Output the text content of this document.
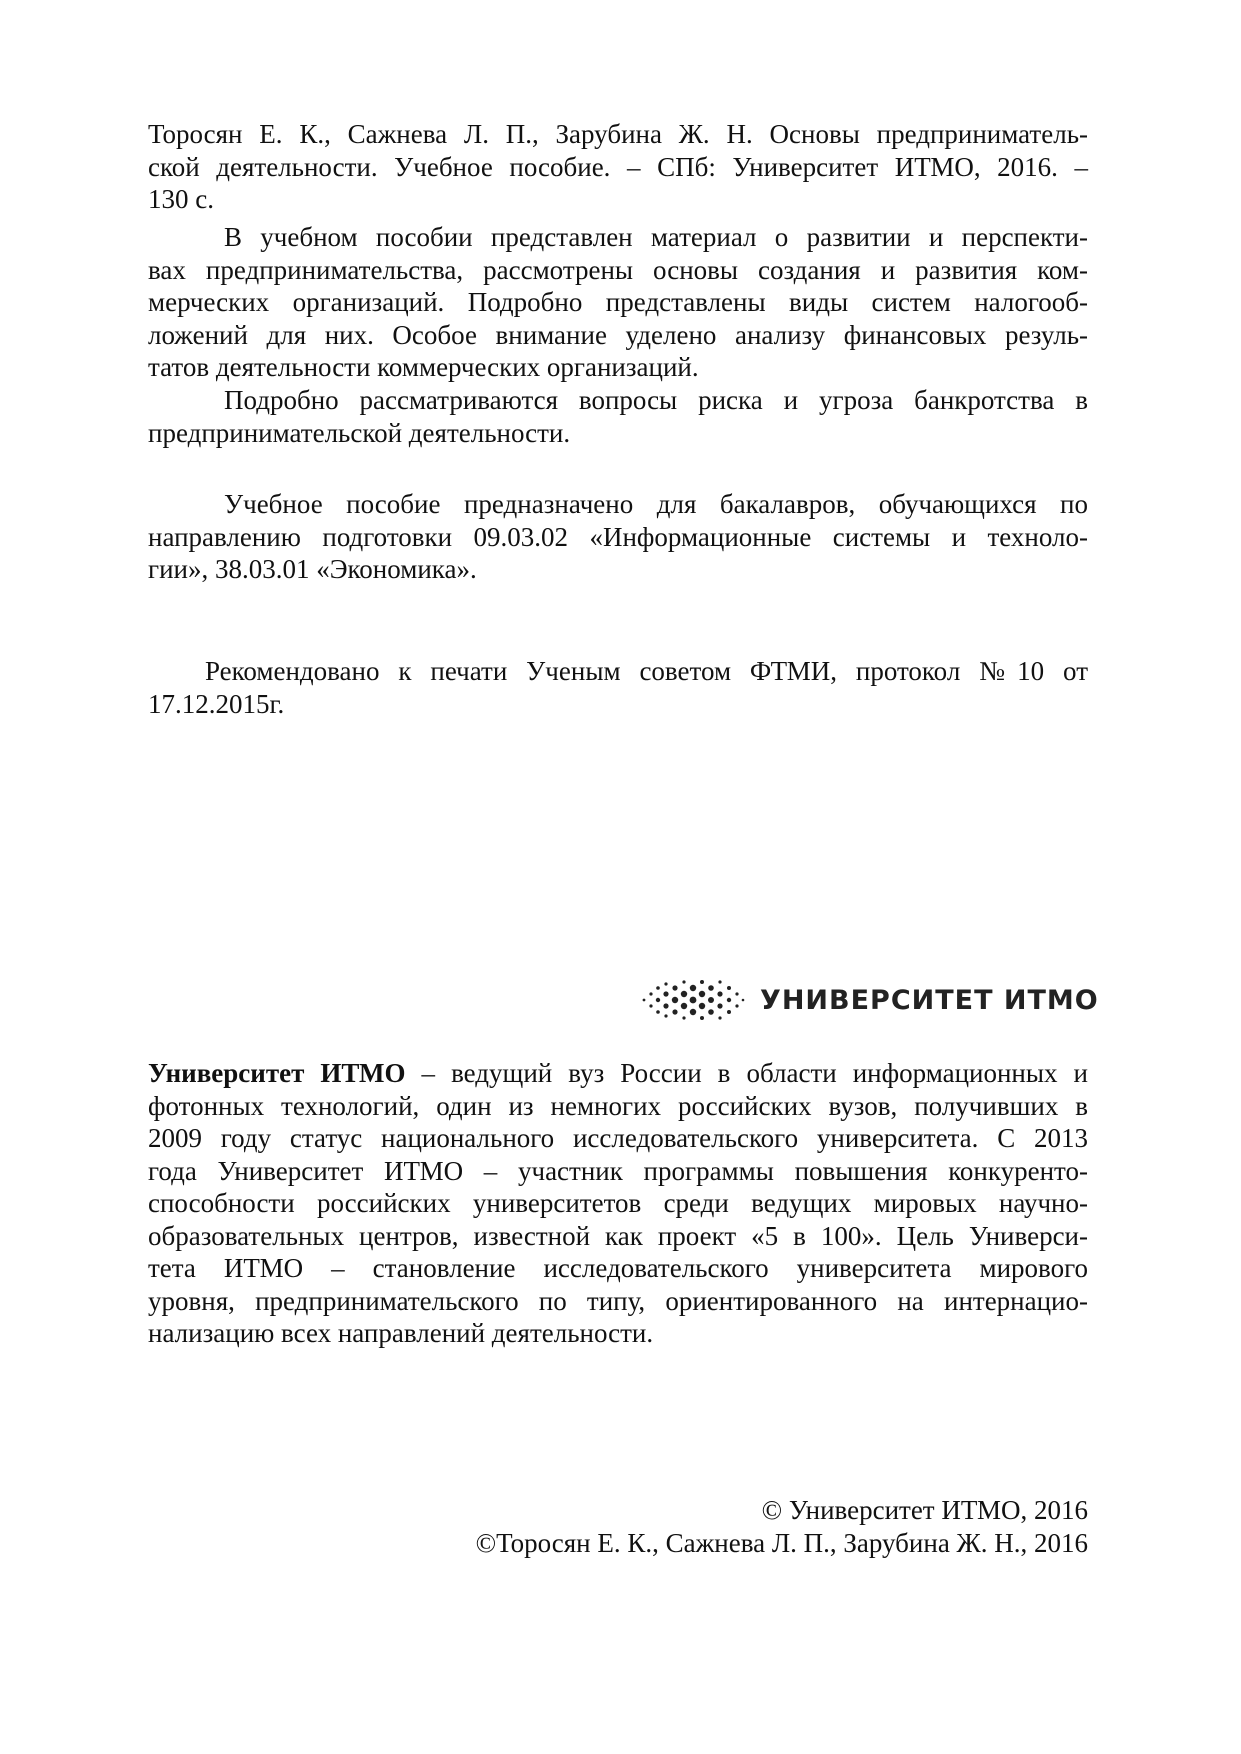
Торосян Е. К., Сажнева Л. П., Зарубина Ж. Н. Основы предприниматель-
ской деятельности. Учебное пособие. – СПб: Университет ИТМО, 2016. –
130 с.
В учебном пособии представлен материал о развитии и перспекти-
вах предпринимательства, рассмотрены основы создания и развития ком-
мерческих организаций. Подробно представлены виды систем налогооб-
ложений для них. Особое внимание уделено анализу финансовых резуль-
татов деятельности коммерческих организаций.
Подробно рассматриваются вопросы риска и угроза банкротства в
предпринимательской деятельности.
Учебное пособие предназначено для бакалавров, обучающихся по
направлению подготовки 09.03.02 «Информационные системы и техноло-
гии», 38.03.01 «Экономика».
Рекомендовано к печати Ученым советом ФТМИ, протокол №10 от
17.12.2015г.
УНИВЕРСИТЕТ ИТМО
Университет ИТМО – ведущий вуз России в области информационных и
фотонных технологий, один из немногих российских вузов, получивших в
2009 году статус национального исследовательского университета. С 2013
года Университет ИТМО – участник программы повышения конкуренто-
способности российских университетов среди ведущих мировых научно-
образовательных центров, известной как проект «5 в 100». Цель Универси-
тета ИТМО – становление исследовательского университета мирового
уровня, предпринимательского по типу, ориентированного на интернацио-
нализацию всех направлений деятельности.
© Университет ИТМО, 2016
©Торосян Е. К., Сажнева Л. П., Зарубина Ж. Н., 2016
